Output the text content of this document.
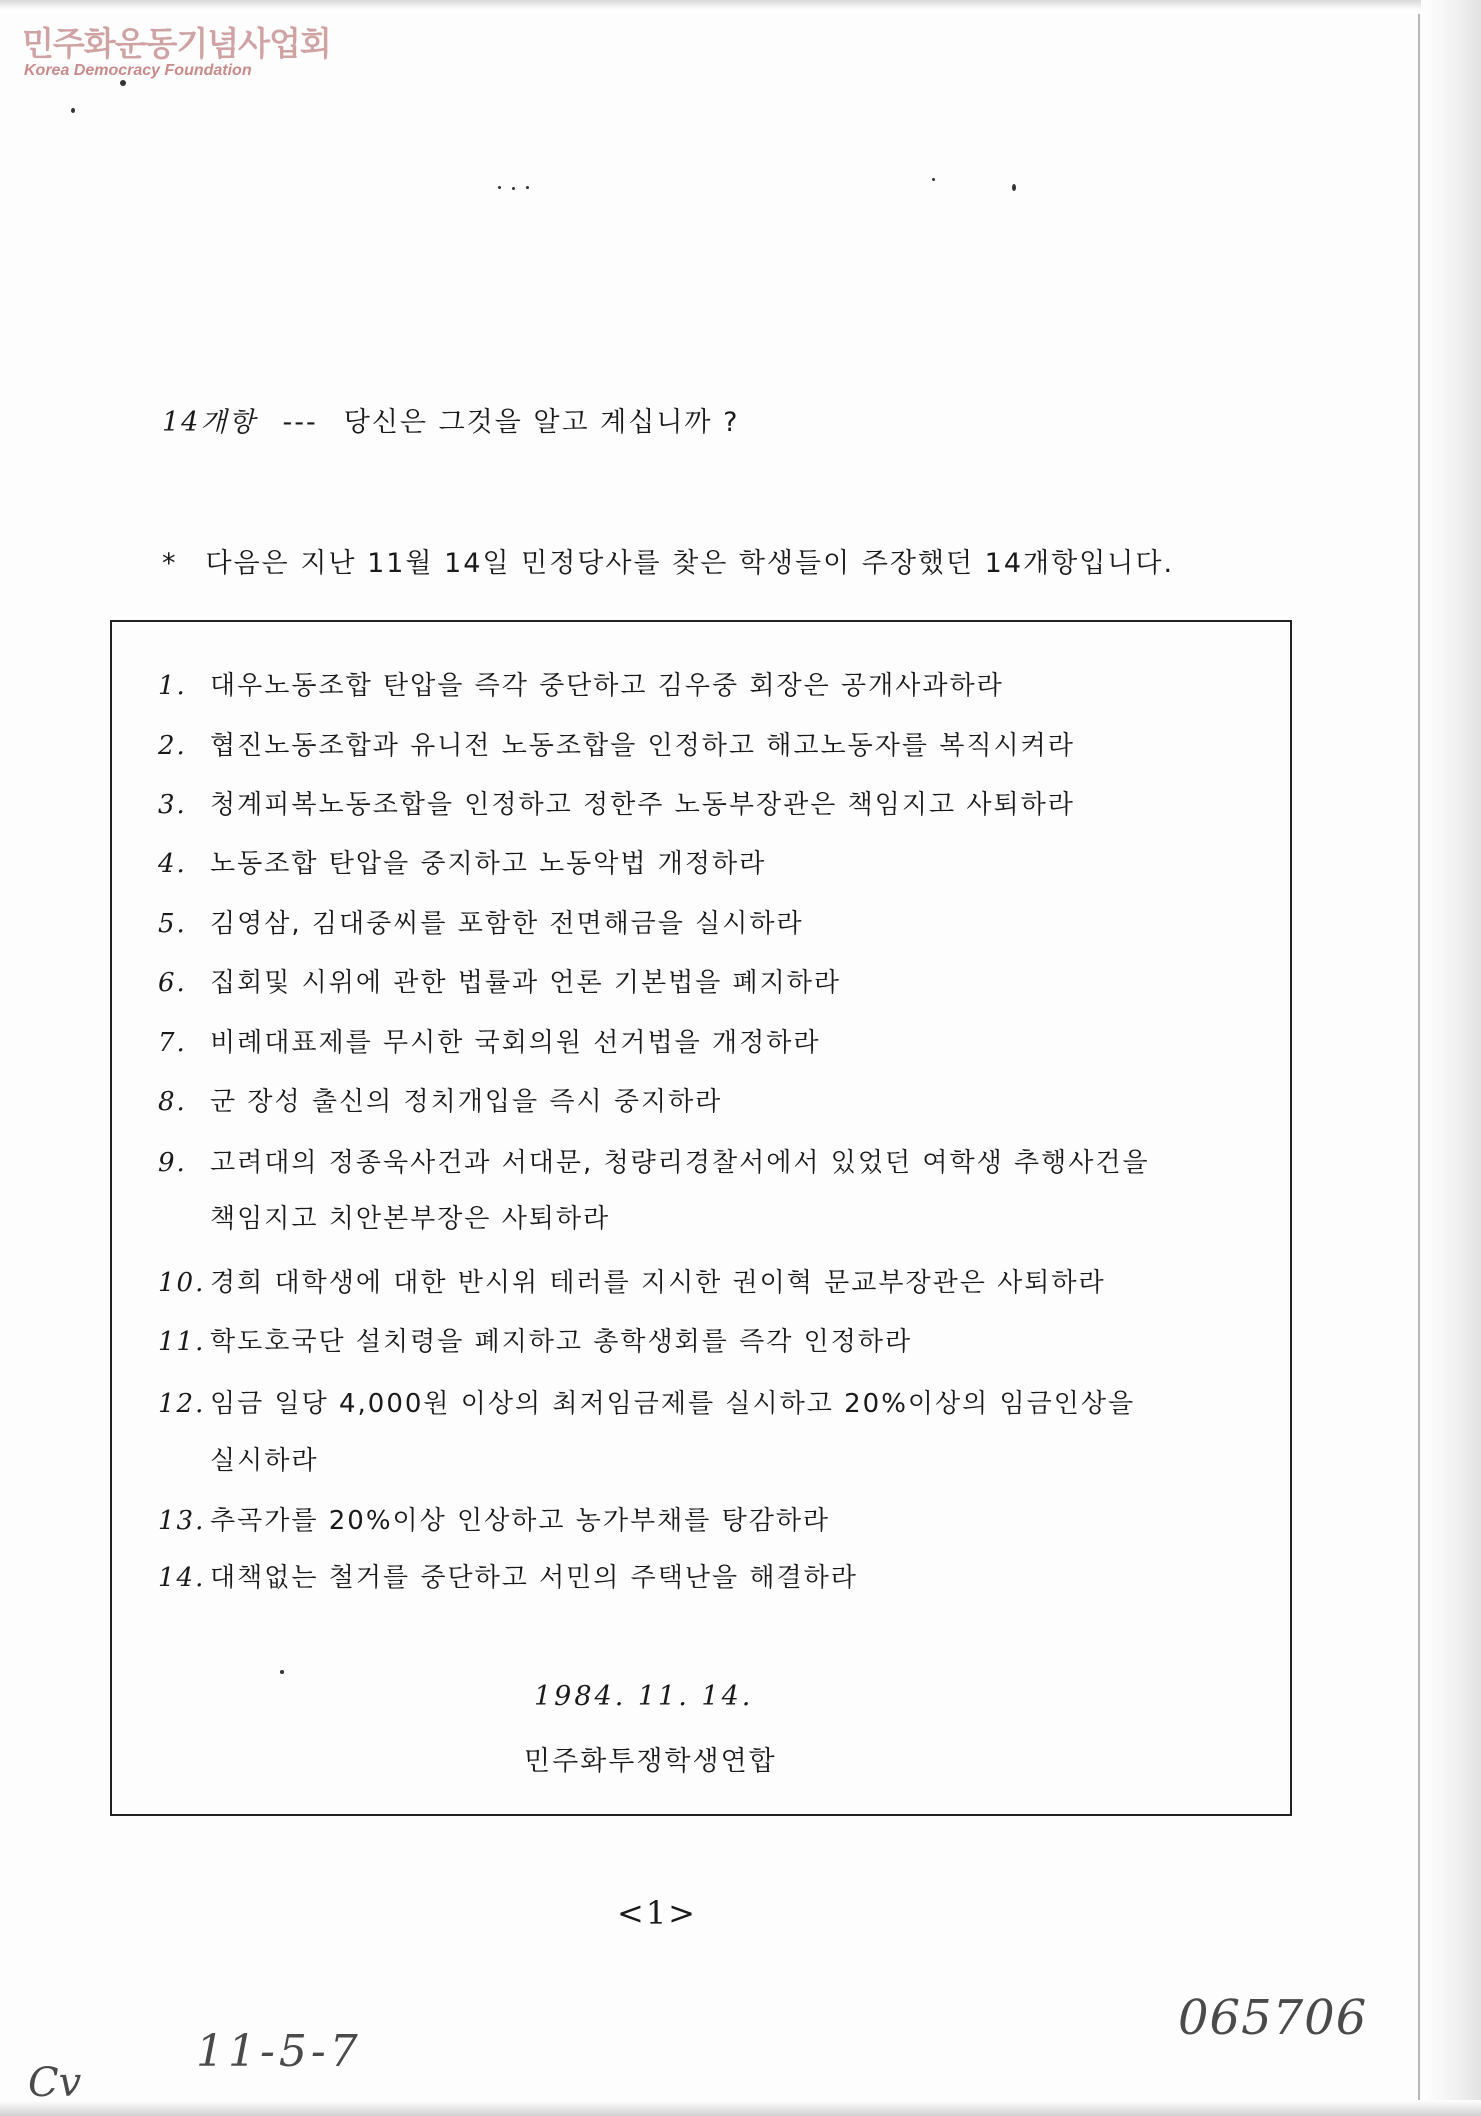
민주화운동기념사업회
Korea Democracy Foundation
14개항 --- 당신은 그것을 알고 계십니까 ?
* 다음은 지난 11월 14일 민정당사를 찾은 학생들이 주장했던 14개항입니다.
1. 대우노동조합 탄압을 즉각 중단하고 김우중 회장은 공개사과하라
2. 협진노동조합과 유니전 노동조합을 인정하고 해고노동자를 복직시켜라
3. 청계피복노동조합을 인정하고 정한주 노동부장관은 책임지고 사퇴하라
4. 노동조합 탄압을 중지하고 노동악법 개정하라
5. 김영삼, 김대중씨를 포함한 전면해금을 실시하라
6. 집회및 시위에 관한 법률과 언론 기본법을 폐지하라
7. 비례대표제를 무시한 국회의원 선거법을 개정하라
8. 군 장성 출신의 정치개입을 즉시 중지하라
9. 고려대의 정종욱사건과 서대문, 청량리경찰서에서 있었던 여학생 추행사건을
책임지고 치안본부장은 사퇴하라
10. 경희 대학생에 대한 반시위 테러를 지시한 권이혁 문교부장관은 사퇴하라
11. 학도호국단 설치령을 폐지하고 총학생회를 즉각 인정하라
12. 임금 일당 4,000원 이상의 최저임금제를 실시하고 20%이상의 임금인상을
실시하라
13. 추곡가를 20%이상 인상하고 농가부채를 탕감하라
14. 대책없는 철거를 중단하고 서민의 주택난을 해결하라
1984. 11. 14.
민주화투쟁학생연합
<1>
Cv
11-5-7
065706
